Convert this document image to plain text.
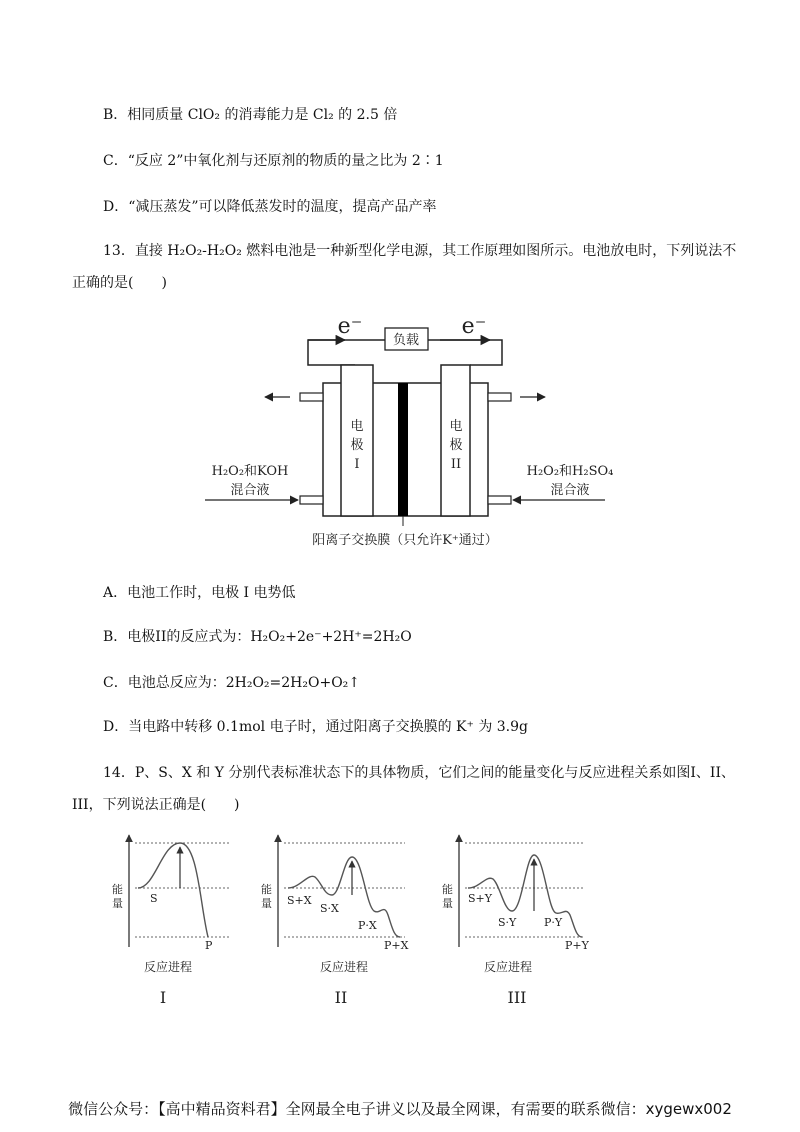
B．相同质量 ClO₂ 的消毒能力是 Cl₂ 的 2.5 倍
C．“反应 2”中氧化剂与还原剂的物质的量之比为 2∶1
D．“减压蒸发”可以降低蒸发时的温度，提高产品产率
13．直接 H₂O₂-H₂O₂ 燃料电池是一种新型化学电源，其工作原理如图所示。电池放电时，下列说法不
正确的是(　　)
负载
e⁻	e⁻
电
极
I
电
极
II
H₂O₂和KOH
混合液
H₂O₂和H₂SO₄
混合液
阳离子交换膜（只允许K⁺通过）
A．电池工作时，电极 I 电势低
B．电极II的反应式为：H₂O₂+2e⁻+2H⁺=2H₂O
C．电池总反应为：2H₂O₂=2H₂O+O₂↑
D．当电路中转移 0.1mol 电子时，通过阳离子交换膜的 K⁺ 为 3.9g
14．P、S、X 和 Y 分别代表标准状态下的具体物质，它们之间的能量变化与反应进程关系如图I、II、
III，下列说法正确是(　　)
能
量 S
P
反应进程
I
能
量 S+X
S·X
P·X
P+X
反应进程
II
能
量 S+Y
S·Y	P·Y
P+Y
反应进程
III
微信公众号：【高中精品资料君】全网最全电子讲义以及最全网课，有需要的联系微信：xygewx002
